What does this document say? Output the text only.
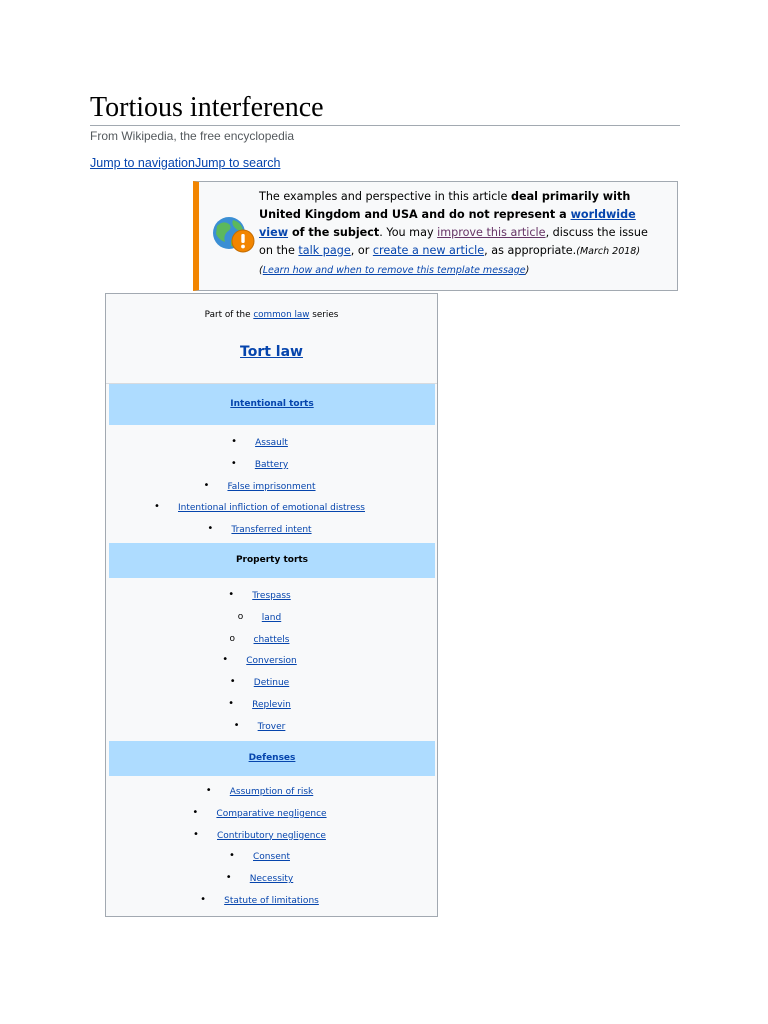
Tortious interference
From Wikipedia, the free encyclopedia
Jump to navigationJump to search
The examples and perspective in this article deal primarily with United Kingdom and USA and do not represent a worldwide view of the subject. You may improve this article, discuss the issue on the talk page, or create a new article, as appropriate.(March 2018) (Learn how and when to remove this template message)
Part of the common law series
Tort law
Intentional torts
• Assault
• Battery
• False imprisonment
• Intentional infliction of emotional distress
• Transferred intent
Property torts
• Trespass
o land
o chattels
• Conversion
• Detinue
• Replevin
• Trover
Defenses
• Assumption of risk
• Comparative negligence
• Contributory negligence
• Consent
• Necessity
• Statute of limitations
